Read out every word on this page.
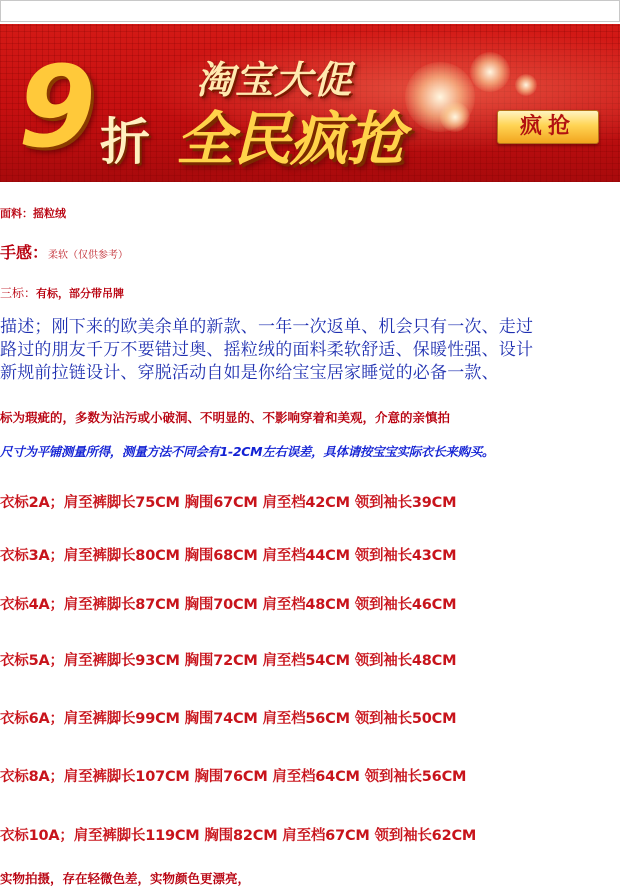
9 折
淘宝大促
全民疯抢	疯抢
面料：摇粒绒
手感：柔软（仅供参考）
三标：有标，部分带吊牌
描述；刚下来的欧美余单的新款、一年一次返单、机会只有一次、走过
路过的朋友千万不要错过奥、摇粒绒的面料柔软舒适、保暖性强、设计
新规前拉链设计、穿脱活动自如是你给宝宝居家睡觉的必备一款、
标为瑕疵的，多数为沾污或小破洞、不明显的、不影响穿着和美观，介意的亲慎拍
尺寸为平铺测量所得，测量方法不同会有1-2CM左右误差，具体请按宝宝实际衣长来购买。
衣标2A；肩至裤脚长75CM 胸围67CM 肩至档42CM 领到袖长39CM
衣标3A；肩至裤脚长80CM 胸围68CM 肩至档44CM 领到袖长43CM
衣标4A；肩至裤脚长87CM 胸围70CM 肩至档48CM 领到袖长46CM
衣标5A；肩至裤脚长93CM 胸围72CM 肩至档54CM 领到袖长48CM
衣标6A；肩至裤脚长99CM 胸围74CM 肩至档56CM 领到袖长50CM
衣标8A；肩至裤脚长107CM 胸围76CM 肩至档64CM 领到袖长56CM
衣标10A；肩至裤脚长119CM 胸围82CM 肩至档67CM 领到袖长62CM
实物拍摄，存在轻微色差，实物颜色更漂亮，
